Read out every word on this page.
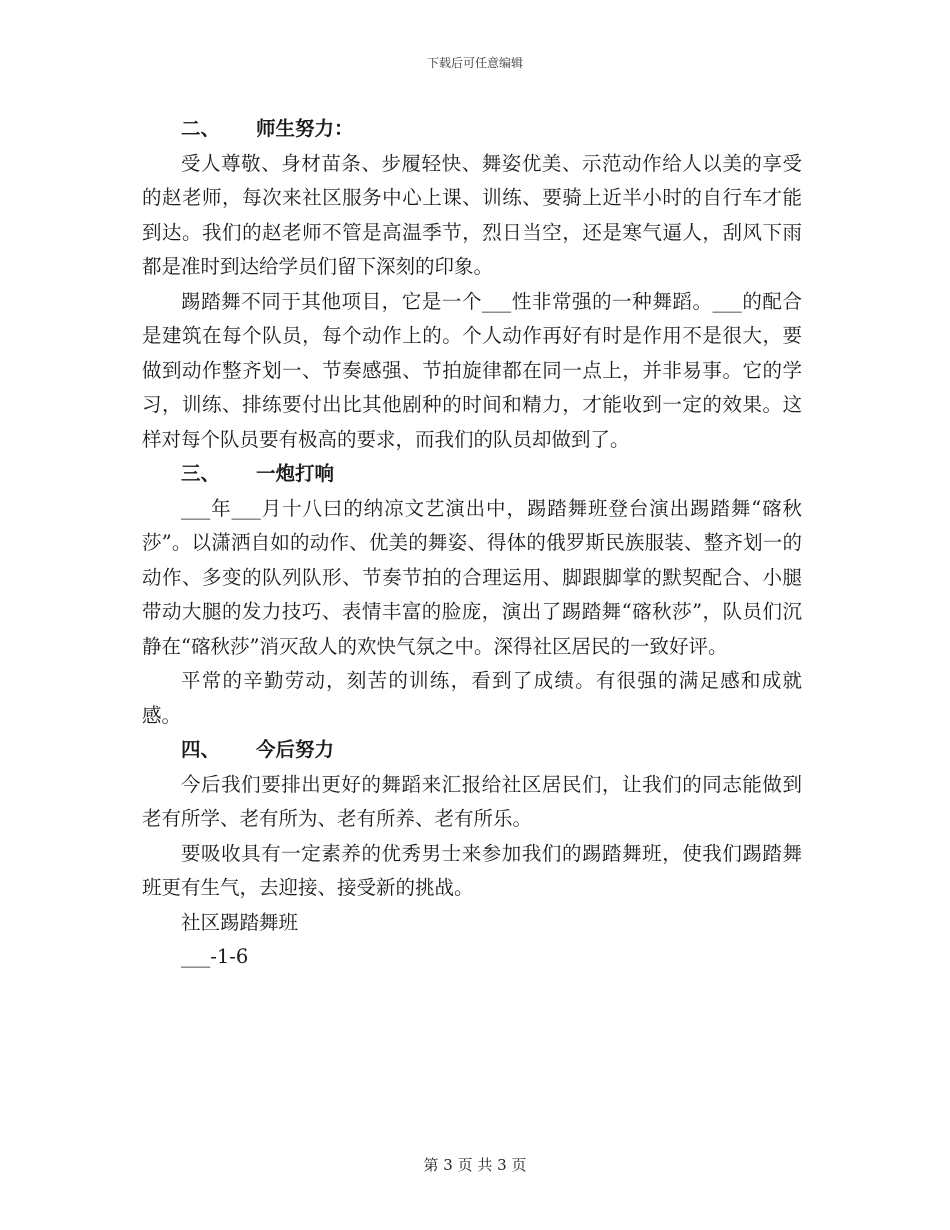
下载后可任意编辑
二、 师生努力：

受人尊敬、身材苗条、步履轻快、舞姿优美、示范动作给人以美的享受的赵老师，每次来社区服务中心上课、训练、要骑上近半小时的自行车才能到达。我们的赵老师不管是高温季节，烈日当空，还是寒气逼人，刮风下雨都是准时到达给学员们留下深刻的印象。

踢踏舞不同于其他项目，它是一个___性非常强的一种舞蹈。___的配合是建筑在每个队员，每个动作上的。个人动作再好有时是作用不是很大，要做到动作整齐划一、节奏感强、节拍旋律都在同一点上，并非易事。它的学习，训练、排练要付出比其他剧种的时间和精力，才能收到一定的效果。这样对每个队员要有极高的要求，而我们的队员却做到了。

三、 一炮打响

___年___月十八曰的纳凉文艺演出中，踢踏舞班登台演出踢踏舞“碦秋莎”。以潇洒自如的动作、优美的舞姿、得体的俄罗斯民族服装、整齐划一的动作、多变的队列队形、节奏节拍的合理运用、脚跟脚掌的默契配合、小腿带动大腿的发力技巧、表情丰富的脸庞，演出了踢踏舞“碦秋莎”，队员们沉静在“碦秋莎”消灭敌人的欢快气氛之中。深得社区居民的一致好评。

平常的辛勤劳动，刻苦的训练，看到了成绩。有很强的满足感和成就感。

四、 今后努力

今后我们要排出更好的舞蹈来汇报给社区居民们，让我们的同志能做到老有所学、老有所为、老有所养、老有所乐。

要吸收具有一定素养的优秀男士来参加我们的踢踏舞班，使我们踢踏舞班更有生气，去迎接、接受新的挑战。

社区踢踏舞班

___-1-6

第 3 页 共 3 页
